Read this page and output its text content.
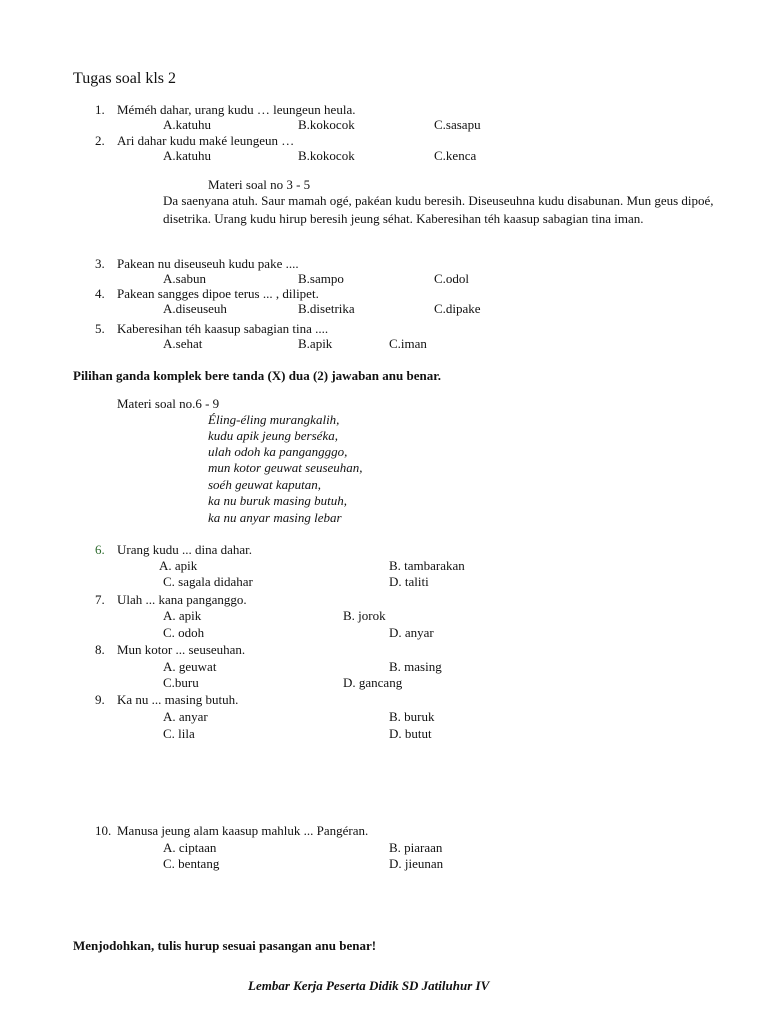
Tugas soal kls 2
1. Méméh dahar, urang kudu … leungeun heula.
A.katuhu	B.kokocok	C.sasapu
2. Ari dahar kudu maké leungeun …
A.katuhu	B.kokocok	C.kenca
Materi soal no 3 - 5
Da saenyana atuh. Saur mamah ogé, pakéan kudu beresih. Diseuseuhna kudu disabunan. Mun geus dipoé, disetrika. Urang kudu hirup beresih jeung séhat. Kaberesihan téh kaasup sabagian tina iman.
3. Pakean nu diseuseuh kudu pake ....
A.sabun	B.sampo	C.odol
4. Pakean sangges dipoe terus ... , dilipet.
A.diseuseuh	B.disetrika	C.dipake
5. Kaberesihan téh kaasup sabagian tina ....
A.sehat	B.apik	C.iman
Pilihan ganda komplek bere tanda (X) dua (2) jawaban anu benar.
Materi soal no.6 - 9
Éling-éling murangkalih,
kudu apik jeung berséka,
ulah odoh ka pangangggo,
mun kotor geuwat seuseuhan,
soéh geuwat kaputan,
ka nu buruk masing butuh,
ka nu anyar masing lebar
6. Urang kudu ... dina dahar.
A. apik	B. tambarakan
C. sagala didahar	D. taliti
7. Ulah ... kana panganggo.
A. apik	B. jorok
C. odoh	D. anyar
8. Mun kotor ... seuseuhan.
A. geuwat	B. masing
C.buru	D. gancang
9. Ka nu ... masing butuh.
A. anyar	B. buruk
C. lila	D. butut
10. Manusa jeung alam kaasup mahluk ... Pangéran.
A. ciptaan	B. piaraan
C. bentang	D. jieunan
Menjodohkan, tulis hurup sesuai pasangan anu benar!
Lembar Kerja Peserta Didik SD Jatiluhur IV
